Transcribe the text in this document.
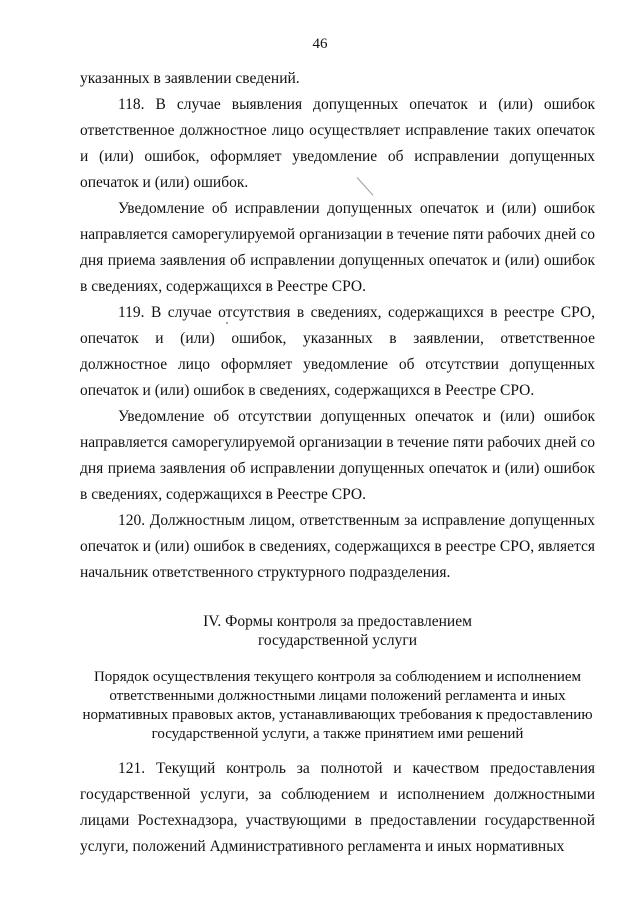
46

указанных в заявлении сведений.

118. В случае выявления допущенных опечаток и (или) ошибок ответственное должностное лицо осуществляет исправление таких опечаток и (или) ошибок, оформляет уведомление об исправлении допущенных опечаток и (или) ошибок.

Уведомление об исправлении допущенных опечаток и (или) ошибок направляется саморегулируемой организации в течение пяти рабочих дней со дня приема заявления об исправлении допущенных опечаток и (или) ошибок в сведениях, содержащихся в Реестре СРО.

119. В случае отсутствия в сведениях, содержащихся в реестре СРО, опечаток и (или) ошибок, указанных в заявлении, ответственное должностное лицо оформляет уведомление об отсутствии допущенных опечаток и (или) ошибок в сведениях, содержащихся в Реестре СРО.

Уведомление об отсутствии допущенных опечаток и (или) ошибок направляется саморегулируемой организации в течение пяти рабочих дней со дня приема заявления об исправлении допущенных опечаток и (или) ошибок в сведениях, содержащихся в Реестре СРО.

120. Должностным лицом, ответственным за исправление допущенных опечаток и (или) ошибок в сведениях, содержащихся в реестре СРО, является начальник ответственного структурного подразделения.

IV. Формы контроля за предоставлением
государственной услуги
Порядок осуществления текущего контроля за соблюдением и исполнением
ответственными должностными лицами положений регламента и иных
нормативных правовых актов, устанавливающих требования к предоставлению
государственной услуги, а также принятием ими решений

121. Текущий контроль за полнотой и качеством предоставления государственной услуги, за соблюдением и исполнением должностными лицами Ростехнадзора, участвующими в предоставлении государственной услуги, положений Административного регламента и иных нормативных
